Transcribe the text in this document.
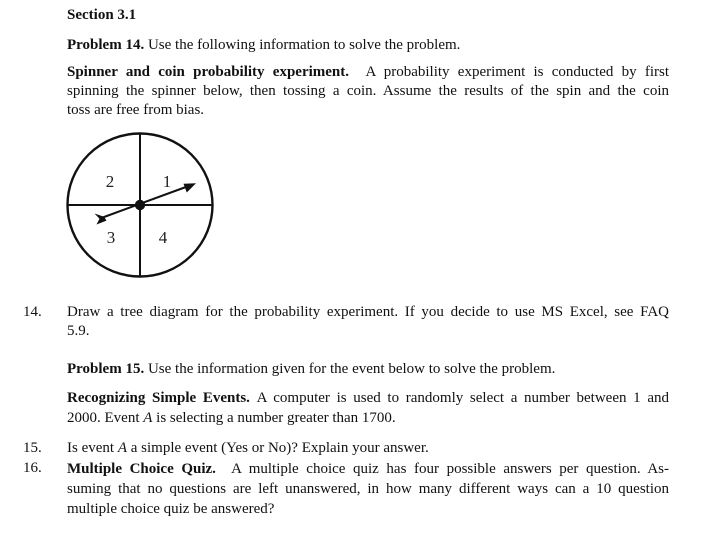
Section 3.1
Problem 14. Use the following information to solve the problem.
Spinner and coin probability experiment. A probability experiment is conducted by first
spinning the spinner below, then tossing a coin. Assume the results of the spin and the coin
toss are free from bias.
2	1
3	4
14. Draw a tree diagram for the probability experiment. If you decide to use MS Excel, see FAQ
5.9.
Problem 15. Use the information given for the event below to solve the problem.
Recognizing Simple Events. A computer is used to randomly select a number between 1 and
2000. Event A is selecting a number greater than 1700.
15. Is event A a simple event (Yes or No)? Explain your answer.
16. Multiple Choice Quiz. A multiple choice quiz has four possible answers per question. As-
suming that no questions are left unanswered, in how many different ways can a 10 question
multiple choice quiz be answered?
